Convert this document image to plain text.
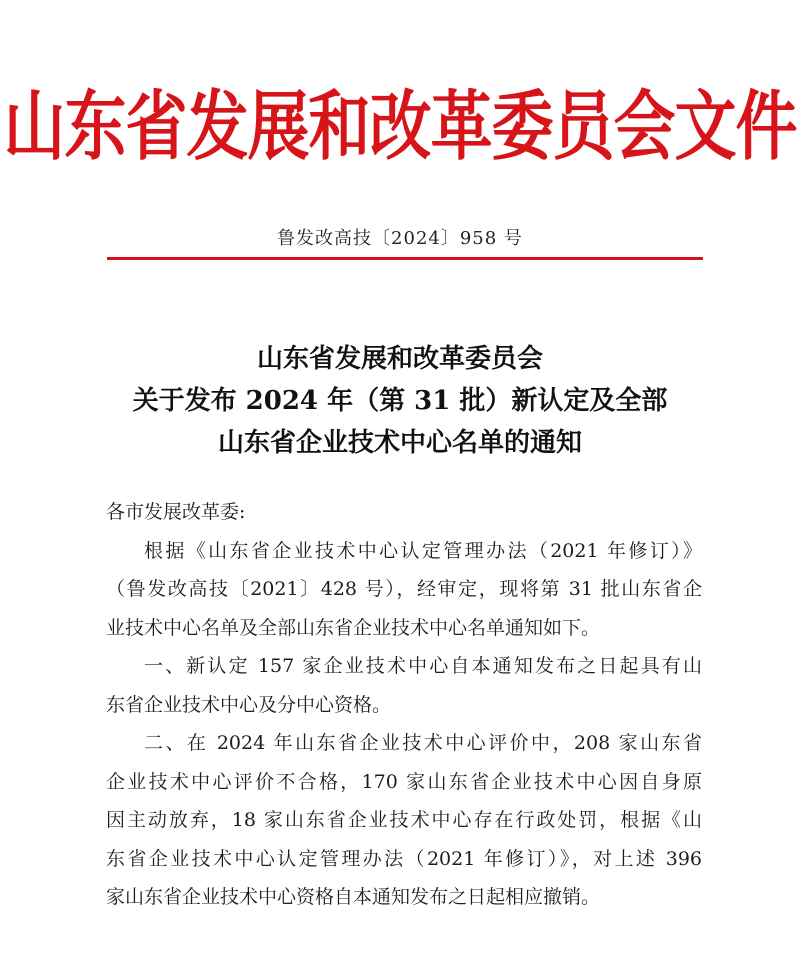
山东省发展和改革委员会文件
鲁发改高技〔2024〕958 号
山东省发展和改革委员会
关于发布 2024 年（第 31 批）新认定及全部
山东省企业技术中心名单的通知
各市发展改革委:
根据《山东省企业技术中心认定管理办法（2021 年修订）》
（鲁发改高技〔2021〕428 号），经审定，现将第 31 批山东省企
业技术中心名单及全部山东省企业技术中心名单通知如下。
一、新认定 157 家企业技术中心自本通知发布之日起具有山
东省企业技术中心及分中心资格。
二、在 2024 年山东省企业技术中心评价中，208 家山东省
企业技术中心评价不合格，170 家山东省企业技术中心因自身原
因主动放弃，18 家山东省企业技术中心存在行政处罚，根据《山
东省企业技术中心认定管理办法（2021 年修订）》，对上述 396
家山东省企业技术中心资格自本通知发布之日起相应撤销。
